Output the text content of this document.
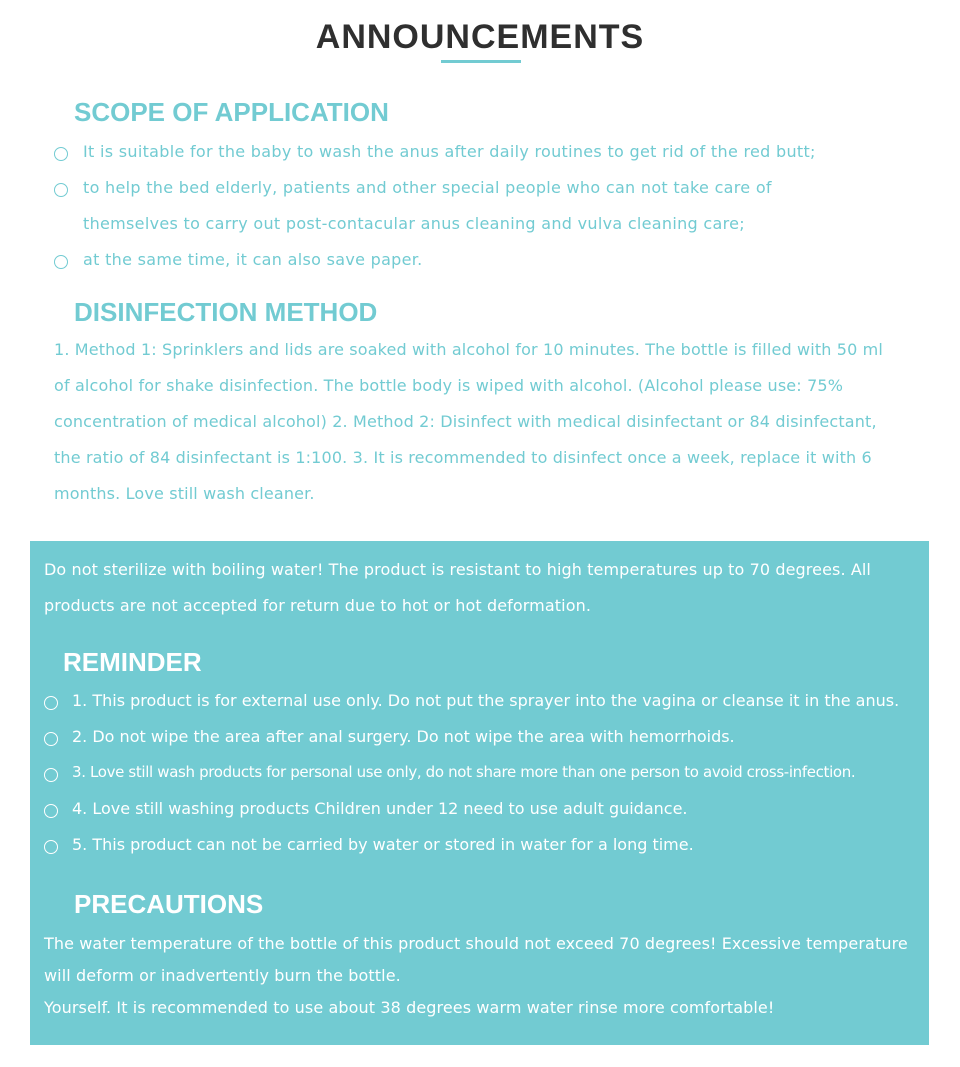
ANNOUNCEMENTS
SCOPE OF APPLICATION
It is suitable for the baby to wash the anus after daily routines to get rid of the red butt;
to help the bed elderly, patients and other special people who can not take care of
themselves to carry out post-contacular anus cleaning and vulva cleaning care;
at the same time, it can also save paper.
DISINFECTION METHOD
1. Method 1: Sprinklers and lids are soaked with alcohol for 10 minutes. The bottle is filled with 50 ml
of alcohol for shake disinfection. The bottle body is wiped with alcohol. (Alcohol please use: 75%
concentration of medical alcohol) 2. Method 2: Disinfect with medical disinfectant or 84 disinfectant,
the ratio of 84 disinfectant is 1:100. 3. It is recommended to disinfect once a week, replace it with 6
months. Love still wash cleaner.
Do not sterilize with boiling water! The product is resistant to high temperatures up to 70 degrees. All
products are not accepted for return due to hot or hot deformation.
REMINDER
1. This product is for external use only. Do not put the sprayer into the vagina or cleanse it in the anus.
2. Do not wipe the area after anal surgery. Do not wipe the area with hemorrhoids.
3. Love still wash products for personal use only, do not share more than one person to avoid cross-infection.
4. Love still washing products Children under 12 need to use adult guidance.
5. This product can not be carried by water or stored in water for a long time.
PRECAUTIONS
The water temperature of the bottle of this product should not exceed 70 degrees! Excessive temperature
will deform or inadvertently burn the bottle.
Yourself. It is recommended to use about 38 degrees warm water rinse more comfortable!
